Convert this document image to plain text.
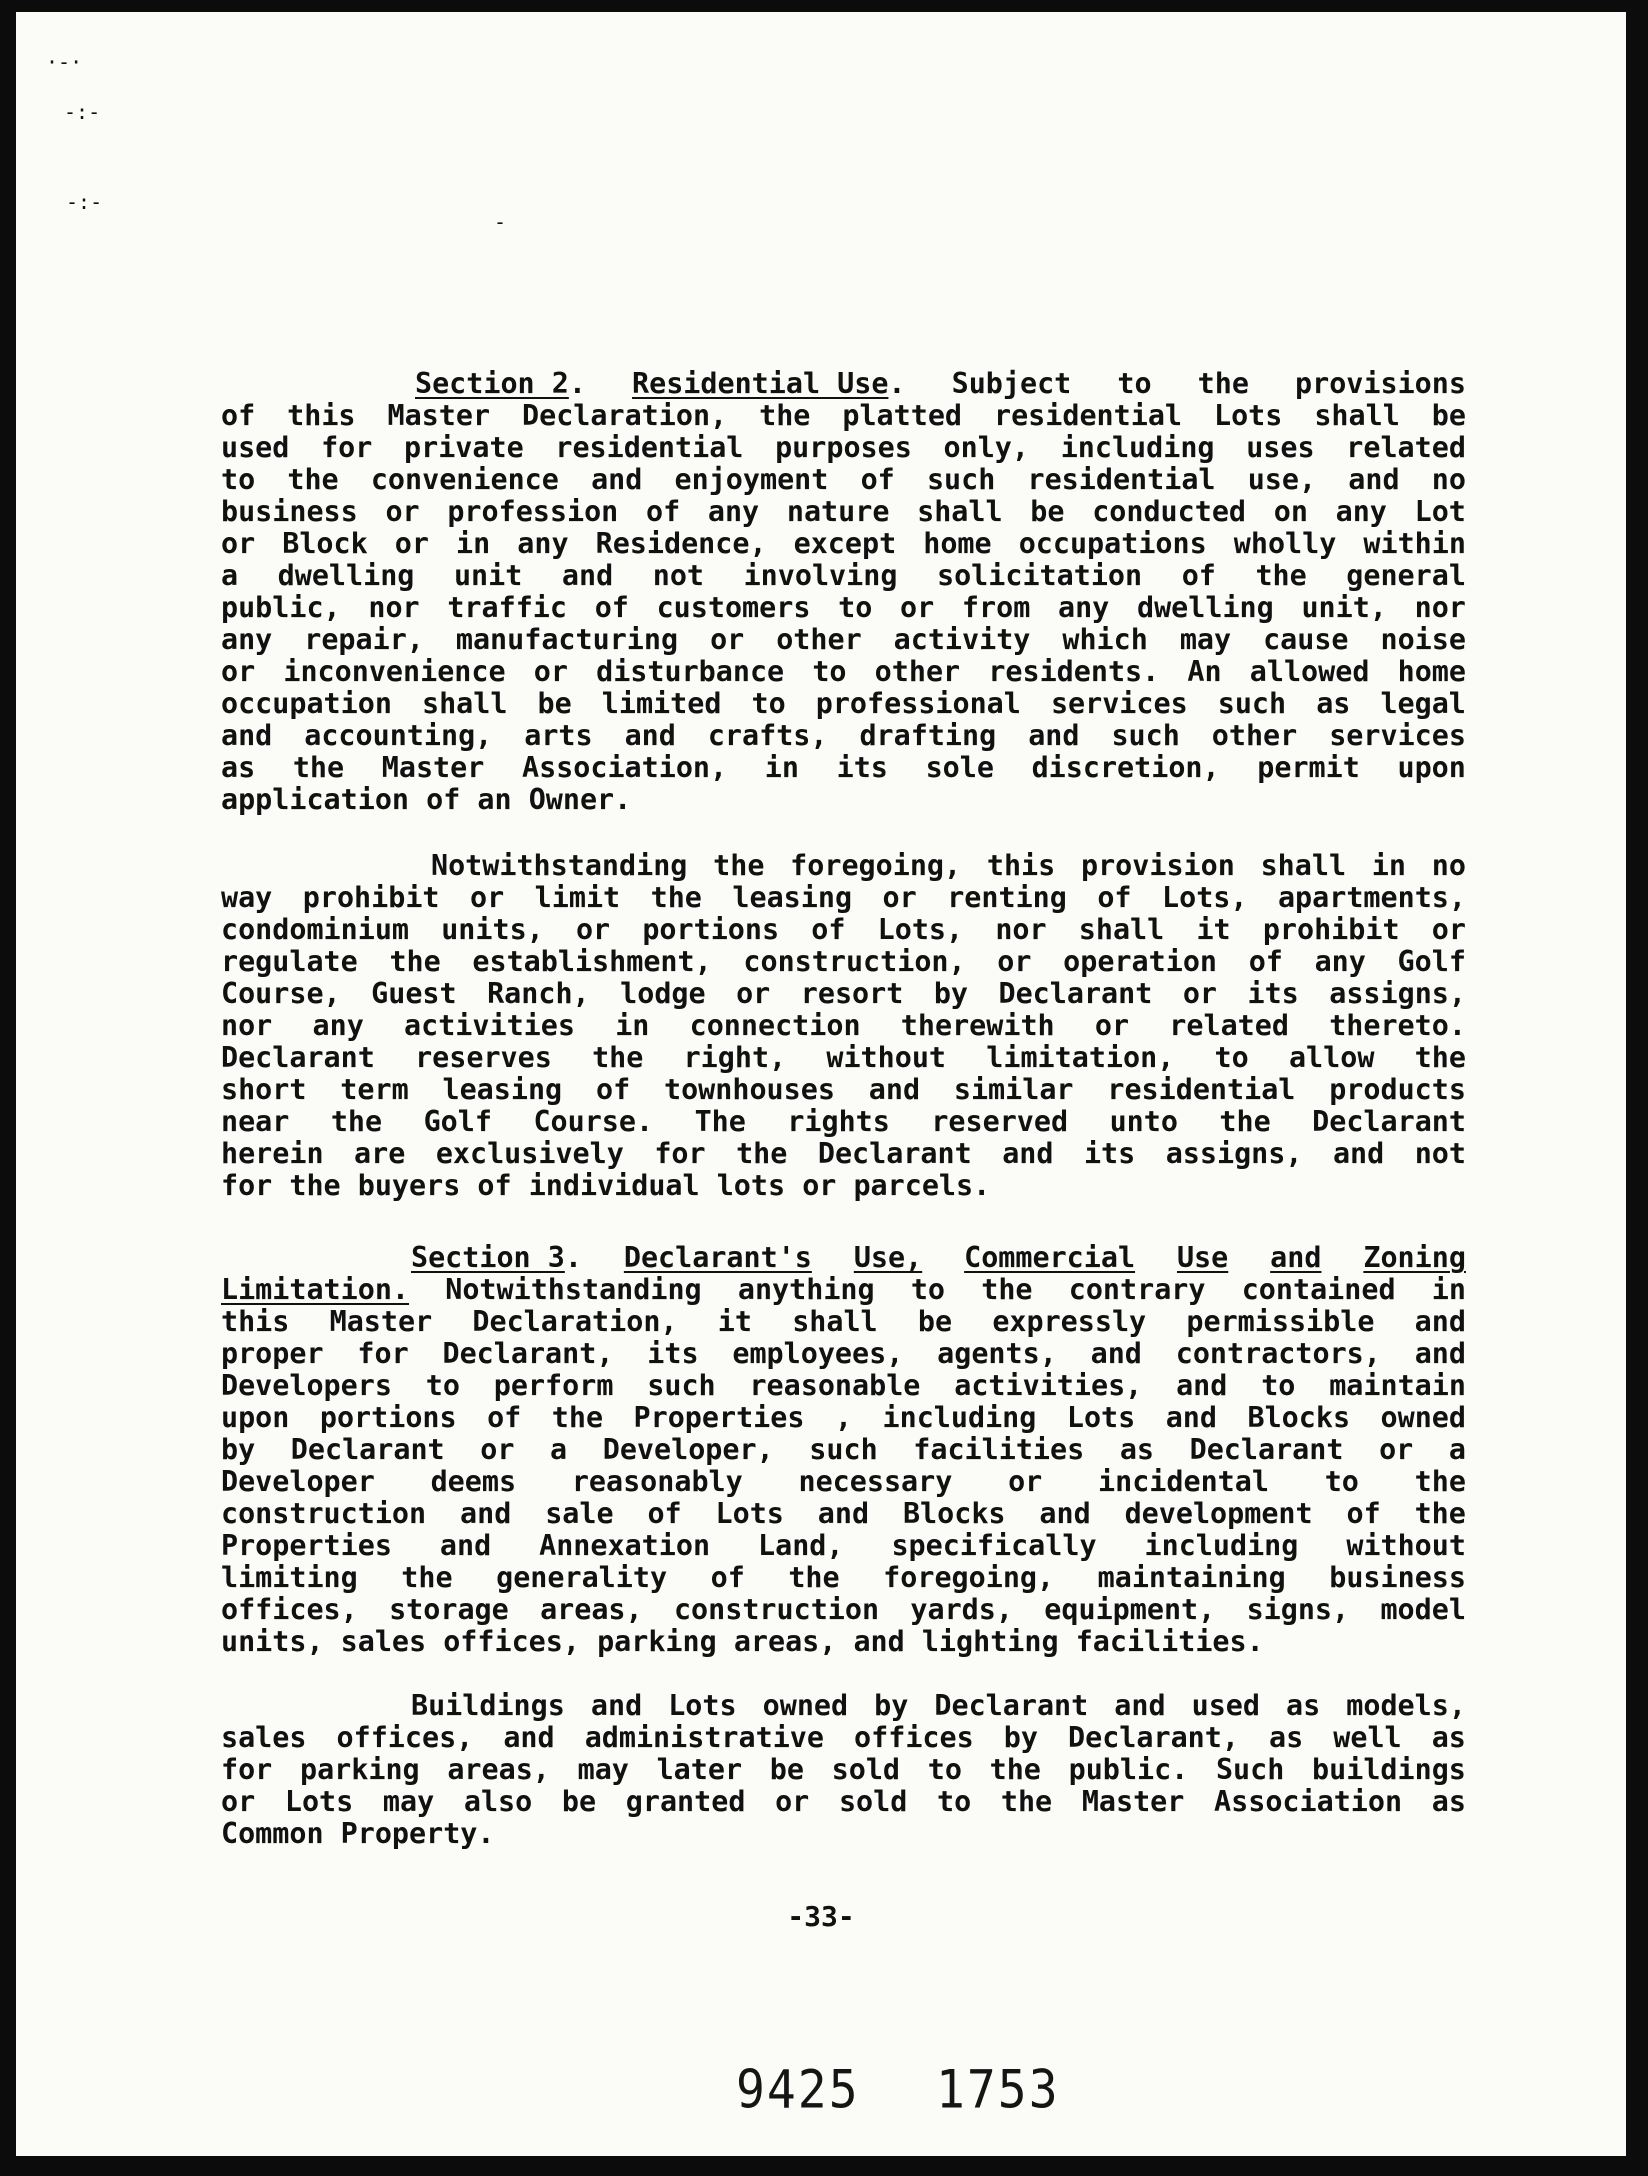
·-·
-:-
-:-
-
Section 2. Residential Use. Subject to the provisions
of this Master Declaration, the platted residential Lots shall be
used for private residential purposes only, including uses related
to the convenience and enjoyment of such residential use, and no
business or profession of any nature shall be conducted on any Lot
or Block or in any Residence, except home occupations wholly within
a dwelling unit and not involving solicitation of the general
public, nor traffic of customers to or from any dwelling unit, nor
any repair, manufacturing or other activity which may cause noise
or inconvenience or disturbance to other residents. An allowed home
occupation shall be limited to professional services such as legal
and accounting, arts and crafts, drafting and such other services
as the Master Association, in its sole discretion, permit upon
application of an Owner.
Notwithstanding the foregoing, this provision shall in no
way prohibit or limit the leasing or renting of Lots, apartments,
condominium units, or portions of Lots, nor shall it prohibit or
regulate the establishment, construction, or operation of any Golf
Course, Guest Ranch, lodge or resort by Declarant or its assigns,
nor any activities in connection therewith or related thereto.
Declarant reserves the right, without limitation, to allow the
short term leasing of townhouses and similar residential products
near the Golf Course. The rights reserved unto the Declarant
herein are exclusively for the Declarant and its assigns, and not
for the buyers of individual lots or parcels.
Section 3. Declarant's Use, Commercial Use and Zoning
Limitation. Notwithstanding anything to the contrary contained in
this Master Declaration, it shall be expressly permissible and
proper for Declarant, its employees, agents, and contractors, and
Developers to perform such reasonable activities, and to maintain
upon portions of the Properties , including Lots and Blocks owned
by Declarant or a Developer, such facilities as Declarant or a
Developer deems reasonably necessary or incidental to the
construction and sale of Lots and Blocks and development of the
Properties and Annexation Land, specifically including without
limiting the generality of the foregoing, maintaining business
offices, storage areas, construction yards, equipment, signs, model
units, sales offices, parking areas, and lighting facilities.
Buildings and Lots owned by Declarant and used as models,
sales offices, and administrative offices by Declarant, as well as
for parking areas, may later be sold to the public. Such buildings
or Lots may also be granted or sold to the Master Association as
Common Property.
-33-
9425 1753
